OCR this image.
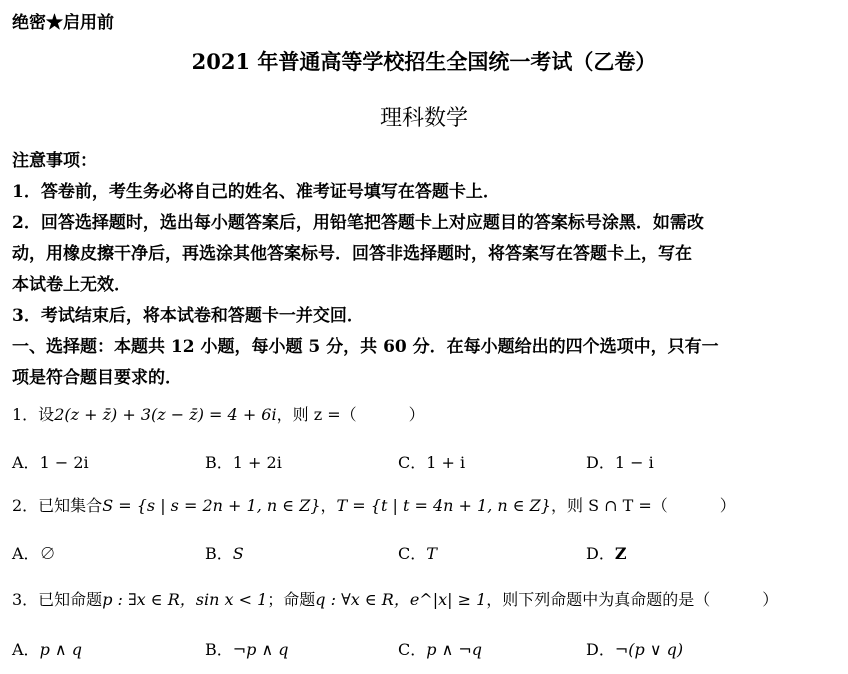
绝密★启用前
2021 年普通高等学校招生全国统一考试（乙卷）
理科数学
注意事项：
1．答卷前，考生务必将自己的姓名、准考证号填写在答题卡上．
2．回答选择题时，选出每小题答案后，用铅笔把答题卡上对应题目的答案标号涂黑．如需改
动，用橡皮擦干净后，再选涂其他答案标号．回答非选择题时，将答案写在答题卡上，写在
本试卷上无效．
3．考试结束后，将本试卷和答题卡一并交回．
一、选择题：本题共 12 小题，每小题 5 分，共 60 分．在每小题给出的四个选项中，只有一
项是符合题目要求的．
1．设2(z + z̄) + 3(z − z̄) = 4 + 6i，则 z =（	）
A．1 − 2i	B．1 + 2i	C．1 + i	D．1 − i
2．已知集合S = {s | s = 2n + 1, n ∈ Z}，T = {t | t = 4n + 1, n ∈ Z}，则 S ∩ T =（	）
A．∅	B．S	C．T	D．Z
3．已知命题p : ∃x ∈ R，sin x < 1；命题q : ∀x ∈ R，e^|x| ≥ 1，则下列命题中为真命题的是（	）
A．p ∧ q	B．¬p ∧ q	C．p ∧ ¬q	D．¬(p ∨ q)
